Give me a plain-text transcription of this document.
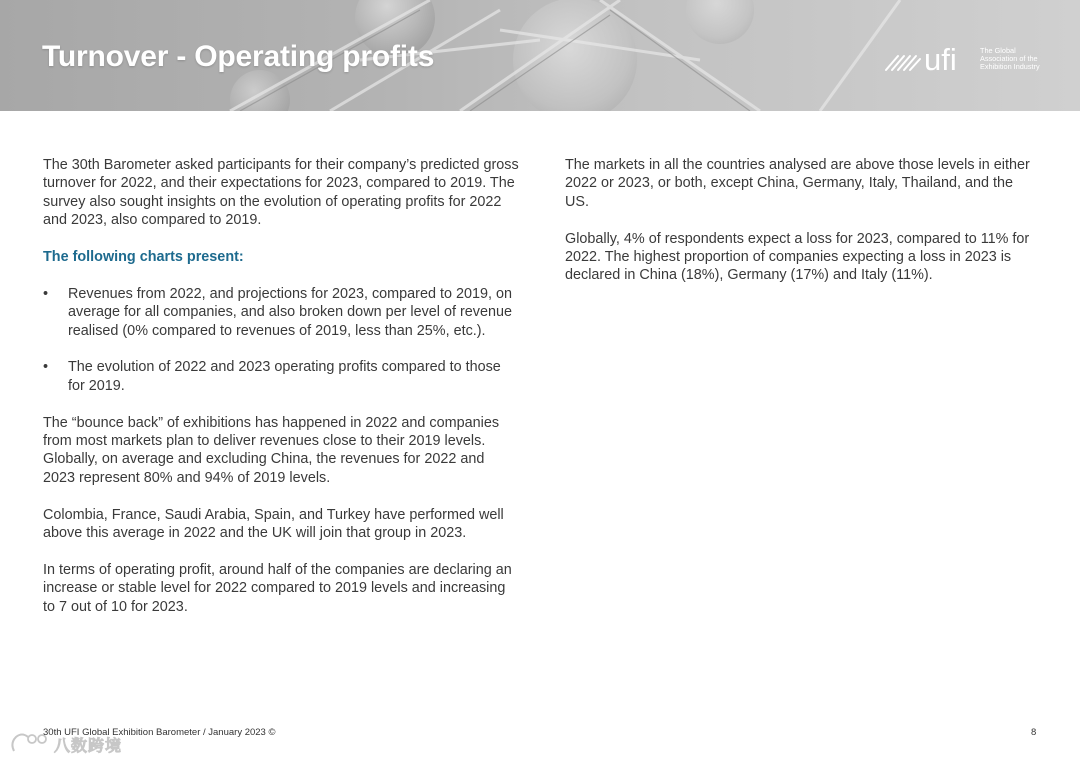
Turnover - Operating profits	ufi	The Global
Association of the
Exhibition Industry

The 30th Barometer asked participants for their company’s predicted gross turnover for 2022, and their expectations for 2023, compared to 2019. The survey also sought insights on the evolution of operating profits for 2022 and 2023, also compared to 2019.

The following charts present:

• Revenues from 2022, and projections for 2023, compared to 2019, on average for all companies, and also broken down per level of revenue realised (0% compared to revenues of 2019, less than 25%, etc.).
• The evolution of 2022 and 2023 operating profits compared to those for 2019.

The “bounce back” of exhibitions has happened in 2022 and companies from most markets plan to deliver revenues close to their 2019 levels. Globally, on average and excluding China, the revenues for 2022 and 2023 represent 80% and 94% of 2019 levels.

Colombia, France, Saudi Arabia, Spain, and Turkey have performed well above this average in 2022 and the UK will join that group in 2023.

In terms of operating profit, around half of the companies are declaring an increase or stable level for 2022 compared to 2019 levels and increasing to 7 out of 10 for 2023.

The markets in all the countries analysed are above those levels in either 2022 or 2023, or both, except China, Germany, Italy, Thailand, and the US.

Globally, 4% of respondents expect a loss for 2023, compared to 11% for 2022. The highest proportion of companies expecting a loss in 2023 is declared in China (18%), Germany (17%) and Italy (11%).

30th UFI Global Exhibition Barometer / January 2023 ©	8
八数跨境
